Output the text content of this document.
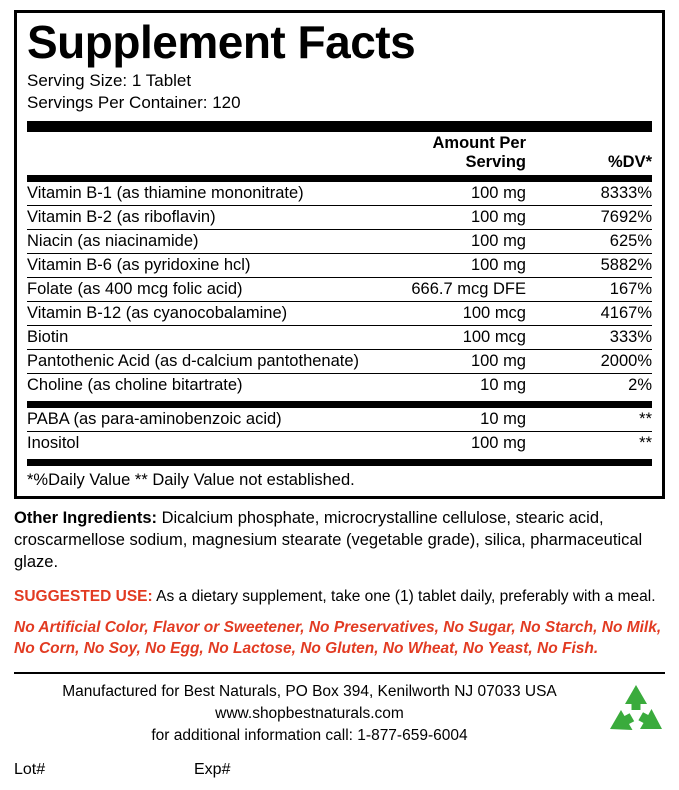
Supplement Facts
Serving Size: 1 Tablet
Servings Per Container: 120
	Amount Per Serving	%DV*
Vitamin B-1 (as thiamine mononitrate)	100 mg	8333%
Vitamin B-2 (as riboflavin)	100 mg	7692%
Niacin (as niacinamide)	100 mg	625%
Vitamin B-6 (as pyridoxine hcl)	100 mg	5882%
Folate (as 400 mcg folic acid)	666.7 mcg DFE	167%
Vitamin B-12 (as cyanocobalamine)	100 mcg	4167%
Biotin	100 mcg	333%
Pantothenic Acid (as d-calcium pantothenate)	100 mg	2000%
Choline (as choline bitartrate)	10 mg	2%
PABA (as para-aminobenzoic acid)	10 mg	**
Inositol	100 mg	**
*%Daily Value ** Daily Value not established.
Other Ingredients: Dicalcium phosphate, microcrystalline cellulose, stearic acid, croscarmellose sodium, magnesium stearate (vegetable grade), silica, pharmaceutical glaze.
SUGGESTED USE: As a dietary supplement, take one (1) tablet daily, preferably with a meal.
No Artificial Color, Flavor or Sweetener, No Preservatives, No Sugar, No Starch, No Milk, No Corn, No Soy, No Egg, No Lactose, No Gluten, No Wheat, No Yeast, No Fish.
Manufactured for Best Naturals, PO Box 394, Kenilworth NJ 07033 USA
www.shopbestnaturals.com
for additional information call: 1-877-659-6004
Lot#	Exp#
